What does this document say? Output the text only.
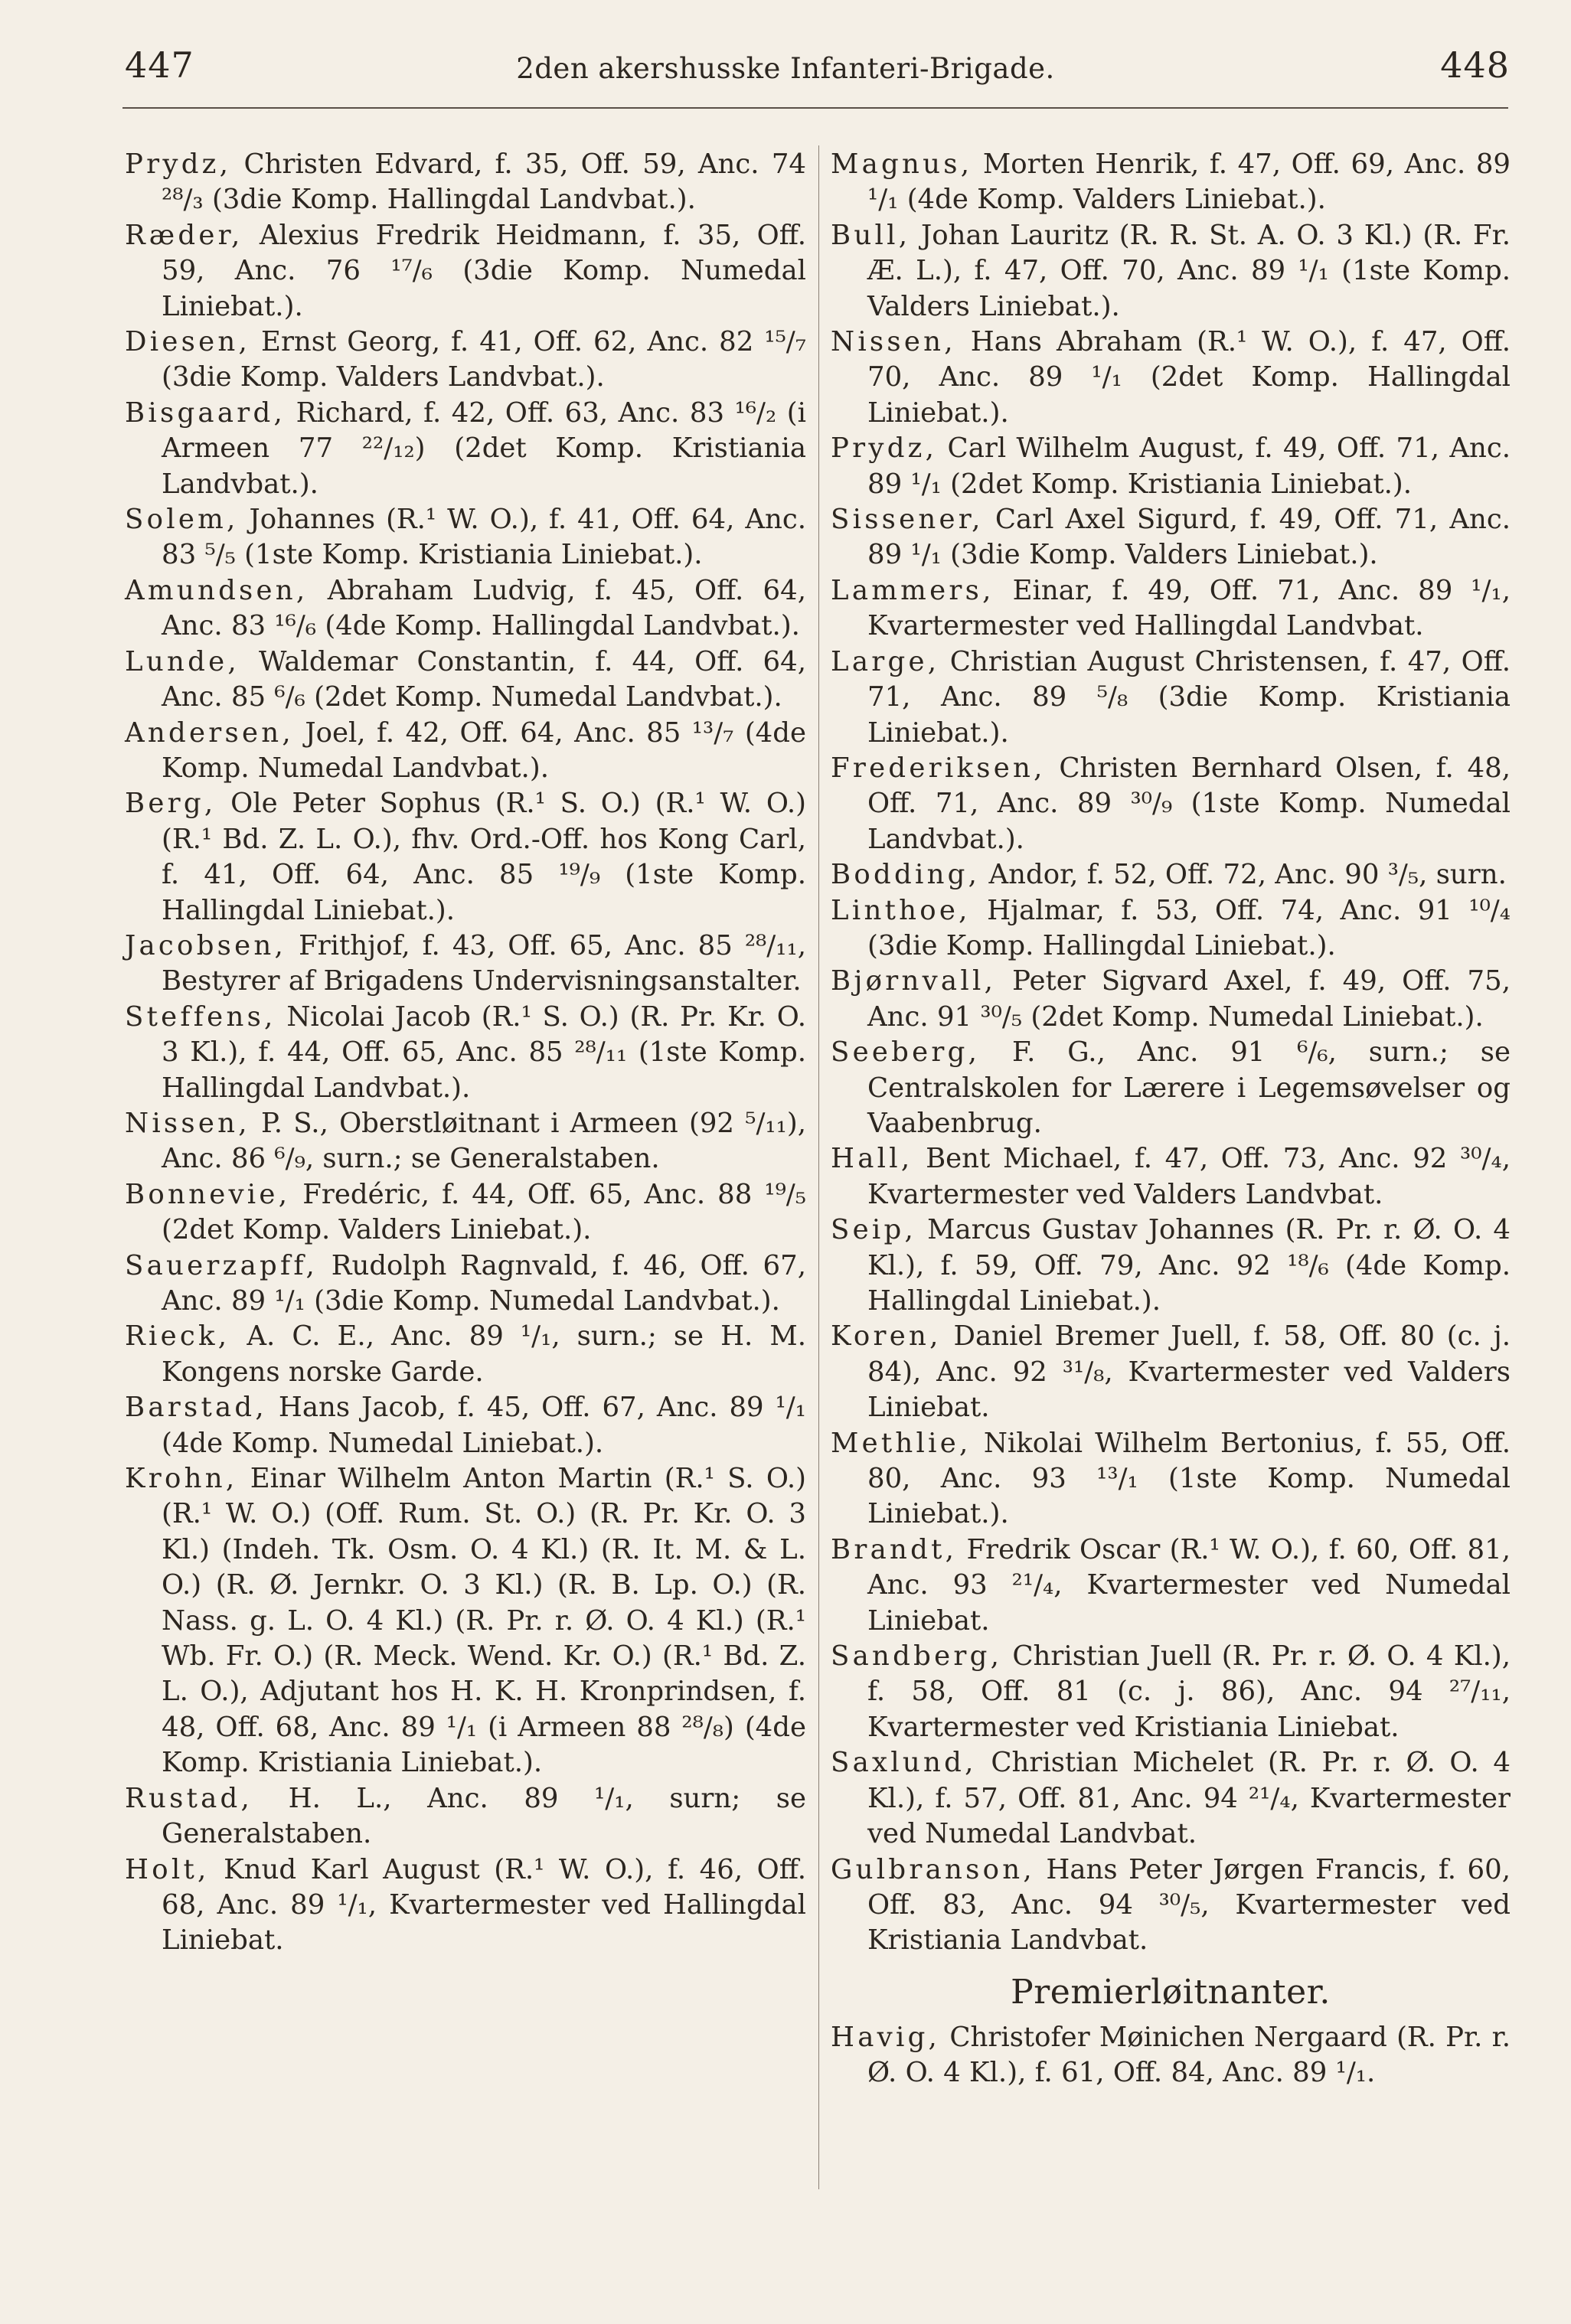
447	2den akershusske Infanteri-Brigade.	448

Prydz, Christen Edvard, f. 35, Off. 59, Anc. 74 ²⁸/₃ (3die Komp. Hallingdal Landvbat.).

Ræder, Alexius Fredrik Heidmann, f. 35, Off. 59, Anc. 76 ¹⁷/₆ (3die Komp. Numedal Liniebat.).

Diesen, Ernst Georg, f. 41, Off. 62, Anc. 82 ¹⁵/₇ (3die Komp. Valders Landvbat.).

Bisgaard, Richard, f. 42, Off. 63, Anc. 83 ¹⁶/₂ (i Armeen 77 ²²/₁₂) (2det Komp. Kristiania Landvbat.).

Solem, Johannes (R.¹ W. O.), f. 41, Off. 64, Anc. 83 ⁵/₅ (1ste Komp. Kristiania Liniebat.).

Amundsen, Abraham Ludvig, f. 45, Off. 64, Anc. 83 ¹⁶/₆ (4de Komp. Hallingdal Landvbat.).

Lunde, Waldemar Constantin, f. 44, Off. 64, Anc. 85 ⁶/₆ (2det Komp. Numedal Landvbat.).

Andersen, Joel, f. 42, Off. 64, Anc. 85 ¹³/₇ (4de Komp. Numedal Landvbat.).

Berg, Ole Peter Sophus (R.¹ S. O.) (R.¹ W. O.) (R.¹ Bd. Z. L. O.), fhv. Ord.-Off. hos Kong Carl, f. 41, Off. 64, Anc. 85 ¹⁹/₉ (1ste Komp. Hallingdal Liniebat.).

Jacobsen, Frithjof, f. 43, Off. 65, Anc. 85 ²⁸/₁₁, Bestyrer af Brigadens Undervisningsanstalter.

Steffens, Nicolai Jacob (R.¹ S. O.) (R. Pr. Kr. O. 3 Kl.), f. 44, Off. 65, Anc. 85 ²⁸/₁₁ (1ste Komp. Hallingdal Landvbat.).

Nissen, P. S., Oberstløitnant i Armeen (92 ⁵/₁₁), Anc. 86 ⁶/₉, surn.; se Generalstaben.

Bonnevie, Fredéric, f. 44, Off. 65, Anc. 88 ¹⁹/₅ (2det Komp. Valders Liniebat.).

Sauerzapff, Rudolph Ragnvald, f. 46, Off. 67, Anc. 89 ¹/₁ (3die Komp. Numedal Landvbat.).

Rieck, A. C. E., Anc. 89 ¹/₁, surn.; se H. M. Kongens norske Garde.

Barstad, Hans Jacob, f. 45, Off. 67, Anc. 89 ¹/₁ (4de Komp. Numedal Liniebat.).

Krohn, Einar Wilhelm Anton Martin (R.¹ S. O.) (R.¹ W. O.) (Off. Rum. St. O.) (R. Pr. Kr. O. 3 Kl.) (Indeh. Tk. Osm. O. 4 Kl.) (R. It. M. & L. O.) (R. Ø. Jernkr. O. 3 Kl.) (R. B. Lp. O.) (R. Nass. g. L. O. 4 Kl.) (R. Pr. r. Ø. O. 4 Kl.) (R.¹ Wb. Fr. O.) (R. Meck. Wend. Kr. O.) (R.¹ Bd. Z. L. O.), Adjutant hos H. K. H. Kronprindsen, f. 48, Off. 68, Anc. 89 ¹/₁ (i Armeen 88 ²⁸/₈) (4de Komp. Kristiania Liniebat.).

Rustad, H. L., Anc. 89 ¹/₁, surn; se Generalstaben.

Holt, Knud Karl August (R.¹ W. O.), f. 46, Off. 68, Anc. 89 ¹/₁, Kvartermester ved Hallingdal Liniebat.

Magnus, Morten Henrik, f. 47, Off. 69, Anc. 89 ¹/₁ (4de Komp. Valders Liniebat.).

Bull, Johan Lauritz (R. R. St. A. O. 3 Kl.) (R. Fr. Æ. L.), f. 47, Off. 70, Anc. 89 ¹/₁ (1ste Komp. Valders Liniebat.).

Nissen, Hans Abraham (R.¹ W. O.), f. 47, Off. 70, Anc. 89 ¹/₁ (2det Komp. Hallingdal Liniebat.).

Prydz, Carl Wilhelm August, f. 49, Off. 71, Anc. 89 ¹/₁ (2det Komp. Kristiania Liniebat.).

Sissener, Carl Axel Sigurd, f. 49, Off. 71, Anc. 89 ¹/₁ (3die Komp. Valders Liniebat.).

Lammers, Einar, f. 49, Off. 71, Anc. 89 ¹/₁, Kvartermester ved Hallingdal Landvbat.

Large, Christian August Christensen, f. 47, Off. 71, Anc. 89 ⁵/₈ (3die Komp. Kristiania Liniebat.).

Frederiksen, Christen Bernhard Olsen, f. 48, Off. 71, Anc. 89 ³⁰/₉ (1ste Komp. Numedal Landvbat.).

Bodding, Andor, f. 52, Off. 72, Anc. 90 ³/₅, surn.

Linthoe, Hjalmar, f. 53, Off. 74, Anc. 91 ¹⁰/₄ (3die Komp. Hallingdal Liniebat.).

Bjørnvall, Peter Sigvard Axel, f. 49, Off. 75, Anc. 91 ³⁰/₅ (2det Komp. Numedal Liniebat.).

Seeberg, F. G., Anc. 91 ⁶/₆, surn.; se Centralskolen for Lærere i Legemsøvelser og Vaabenbrug.

Hall, Bent Michael, f. 47, Off. 73, Anc. 92 ³⁰/₄, Kvartermester ved Valders Landvbat.

Seip, Marcus Gustav Johannes (R. Pr. r. Ø. O. 4 Kl.), f. 59, Off. 79, Anc. 92 ¹⁸/₆ (4de Komp. Hallingdal Liniebat.).

Koren, Daniel Bremer Juell, f. 58, Off. 80 (c. j. 84), Anc. 92 ³¹/₈, Kvartermester ved Valders Liniebat.

Methlie, Nikolai Wilhelm Bertonius, f. 55, Off. 80, Anc. 93 ¹³/₁ (1ste Komp. Numedal Liniebat.).

Brandt, Fredrik Oscar (R.¹ W. O.), f. 60, Off. 81, Anc. 93 ²¹/₄, Kvartermester ved Numedal Liniebat.

Sandberg, Christian Juell (R. Pr. r. Ø. O. 4 Kl.), f. 58, Off. 81 (c. j. 86), Anc. 94 ²⁷/₁₁, Kvartermester ved Kristiania Liniebat.

Saxlund, Christian Michelet (R. Pr. r. Ø. O. 4 Kl.), f. 57, Off. 81, Anc. 94 ²¹/₄, Kvartermester ved Numedal Landvbat.

Gulbranson, Hans Peter Jørgen Francis, f. 60, Off. 83, Anc. 94 ³⁰/₅, Kvartermester ved Kristiania Landvbat.

Premierløitnanter.

Havig, Christofer Møinichen Nergaard (R. Pr. r. Ø. O. 4 Kl.), f. 61, Off. 84, Anc. 89 ¹/₁.
